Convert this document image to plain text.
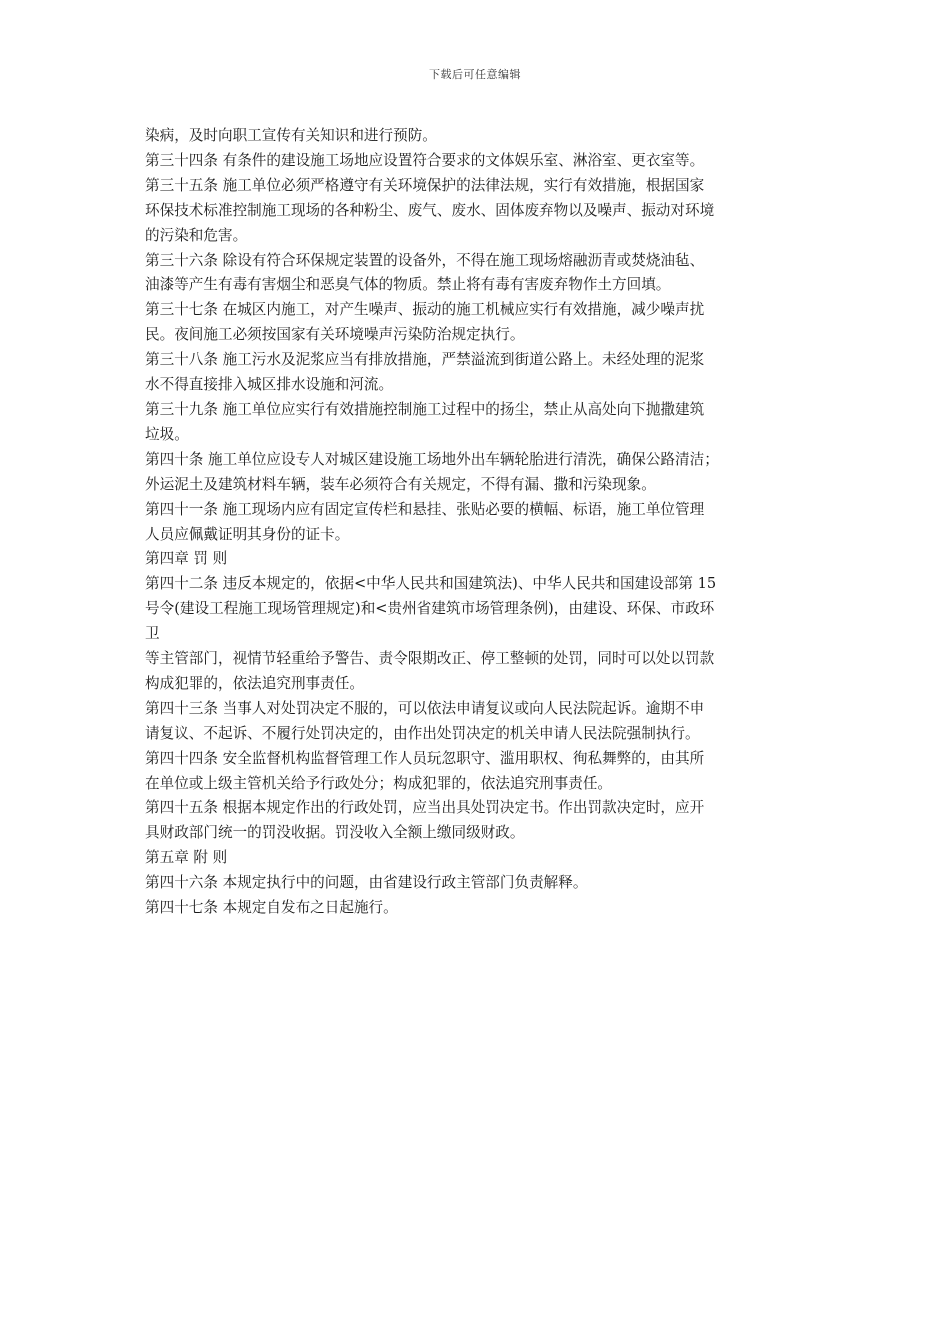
下载后可任意编辑
染病，及时向职工宣传有关知识和进行预防。
第三十四条 有条件的建设施工场地应设置符合要求的文体娱乐室、淋浴室、更衣室等。
第三十五条 施工单位必须严格遵守有关环境保护的法律法规，实行有效措施，根据国家
环保技术标准控制施工现场的各种粉尘、废气、废水、固体废弃物以及噪声、振动对环境
的污染和危害。
第三十六条 除设有符合环保规定装置的设备外，不得在施工现场熔融沥青或焚烧油毡、
油漆等产生有毒有害烟尘和恶臭气体的物质。禁止将有毒有害废弃物作土方回填。
第三十七条 在城区内施工，对产生噪声、振动的施工机械应实行有效措施，减少噪声扰
民。夜间施工必须按国家有关环境噪声污染防治规定执行。
第三十八条 施工污水及泥浆应当有排放措施，严禁溢流到街道公路上。未经处理的泥浆
水不得直接排入城区排水设施和河流。
第三十九条 施工单位应实行有效措施控制施工过程中的扬尘，禁止从高处向下抛撒建筑
垃圾。
第四十条 施工单位应设专人对城区建设施工场地外出车辆轮胎进行清洗，确保公路清洁；
外运泥土及建筑材料车辆，装车必须符合有关规定，不得有漏、撒和污染现象。
第四十一条 施工现场内应有固定宣传栏和悬挂、张贴必要的横幅、标语，施工单位管理
人员应佩戴证明其身份的证卡。
第四章 罚 则
第四十二条 违反本规定的，依据<中华人民共和国建筑法)、中华人民共和国建设部第 15
号令(建设工程施工现场管理规定)和<贵州省建筑市场管理条例)，由建设、环保、市政环
卫
等主管部门，视情节轻重给予警告、责令限期改正、停工整顿的处罚，同时可以处以罚款
构成犯罪的，依法追究刑事责任。
第四十三条 当事人对处罚决定不服的，可以依法申请复议或向人民法院起诉。逾期不申
请复议、不起诉、不履行处罚决定的，由作出处罚决定的机关申请人民法院强制执行。
第四十四条 安全监督机构监督管理工作人员玩忽职守、滥用职权、徇私舞弊的，由其所
在单位或上级主管机关给予行政处分；构成犯罪的，依法追究刑事责任。
第四十五条 根据本规定作出的行政处罚，应当出具处罚决定书。作出罚款决定时，应开
具财政部门统一的罚没收据。罚没收入全额上缴同级财政。
第五章 附 则
第四十六条 本规定执行中的问题，由省建设行政主管部门负责解释。
第四十七条 本规定自发布之日起施行。
